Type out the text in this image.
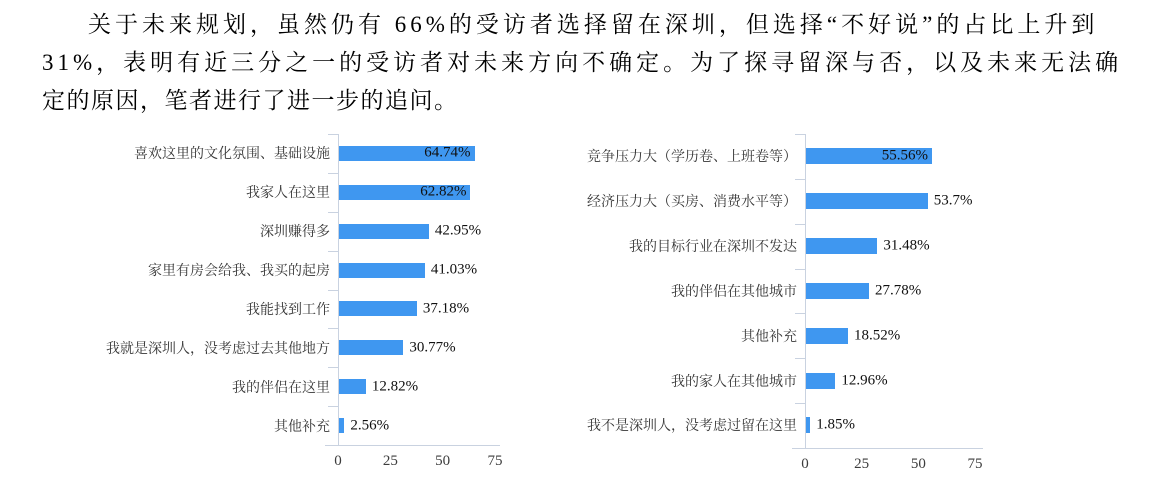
关于未来规划，虽然仍有 66%的受访者选择留在深圳，但选择“不好说”的占比上升到
31%，表明有近三分之一的受访者对未来方向不确定。为了探寻留深与否，以及未来无法确
定的原因，笔者进行了进一步的追问。
喜欢这里的文化氛围、基础设施	64.74%
我家人在这里	62.82%
深圳赚得多	42.95%
家里有房会给我、我买的起房	41.03%
我能找到工作	37.18%
我就是深圳人，没考虑过去其他地方	30.77%
我的伴侣在这里	12.82%
其他补充	2.56%
0	25 50 75
竞争压力大（学历卷、上班卷等）	55.56%
经济压力大（买房、消费水平等）	53.7%
我的目标行业在深圳不发达	31.48%
我的伴侣在其他城市	27.78%
其他补充	18.52%
我的家人在其他城市	12.96%
我不是深圳人，没考虑过留在这里	1.85%
0	25	50	75
